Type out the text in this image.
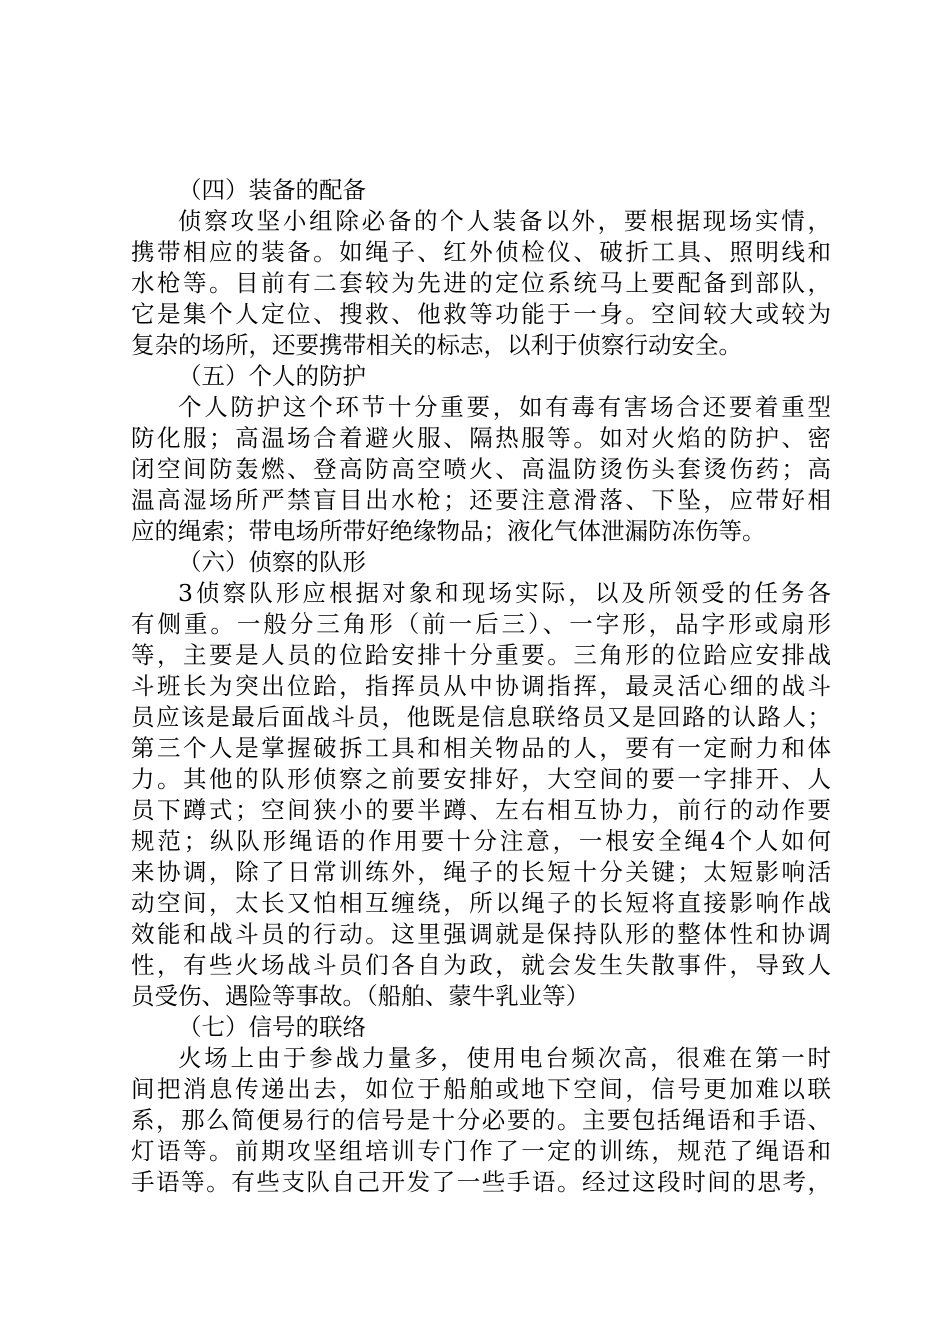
（四）装备的配备
侦察攻坚小组除必备的个人装备以外，要根据现场实情，
携带相应的装备。如绳子、红外侦检仪、破折工具、照明线和
水枪等。目前有二套较为先进的定位系统马上要配备到部队，
它是集个人定位、搜救、他救等功能于一身。空间较大或较为
复杂的场所，还要携带相关的标志，以利于侦察行动安全。
（五）个人的防护
个人防护这个环节十分重要，如有毒有害场合还要着重型
防化服；高温场合着避火服、隔热服等。如对火焰的防护、密
闭空间防轰燃、登高防高空喷火、高温防烫伤头套烫伤药；高
温高湿场所严禁盲目出水枪；还要注意滑落、下坠，应带好相
应的绳索；带电场所带好绝缘物品；液化气体泄漏防冻伤等。
（六）侦察的队形
3侦察队形应根据对象和现场实际，以及所领受的任务各
有侧重。一般分三角形（前一后三）、一字形，品字形或扇形
等，主要是人员的位跲安排十分重要。三角形的位跲应安排战
斗班长为突出位跲，指挥员从中协调指挥，最灵活心细的战斗
员应该是最后面战斗员，他既是信息联络员又是回路的认路人；
第三个人是掌握破拆工具和相关物品的人，要有一定耐力和体
力。其他的队形侦察之前要安排好，大空间的要一字排开、人
员下蹲式；空间狭小的要半蹲、左右相互协力，前行的动作要
规范；纵队形绳语的作用要十分注意，一根安全绳4个人如何
来协调，除了日常训练外，绳子的长短十分关键；太短影响活
动空间，太长又怕相互缠绕，所以绳子的长短将直接影响作战
效能和战斗员的行动。这里强调就是保持队形的整体性和协调
性，有些火场战斗员们各自为政，就会发生失散事件，导致人
员受伤、遇险等事故。（船舶、蒙牛乳业等）
（七）信号的联络
火场上由于参战力量多，使用电台频次高，很难在第一时
间把消息传递出去，如位于船舶或地下空间，信号更加难以联
系，那么简便易行的信号是十分必要的。主要包括绳语和手语、
灯语等。前期攻坚组培训专门作了一定的训练，规范了绳语和
手语等。有些支队自己开发了一些手语。经过这段时间的思考，
